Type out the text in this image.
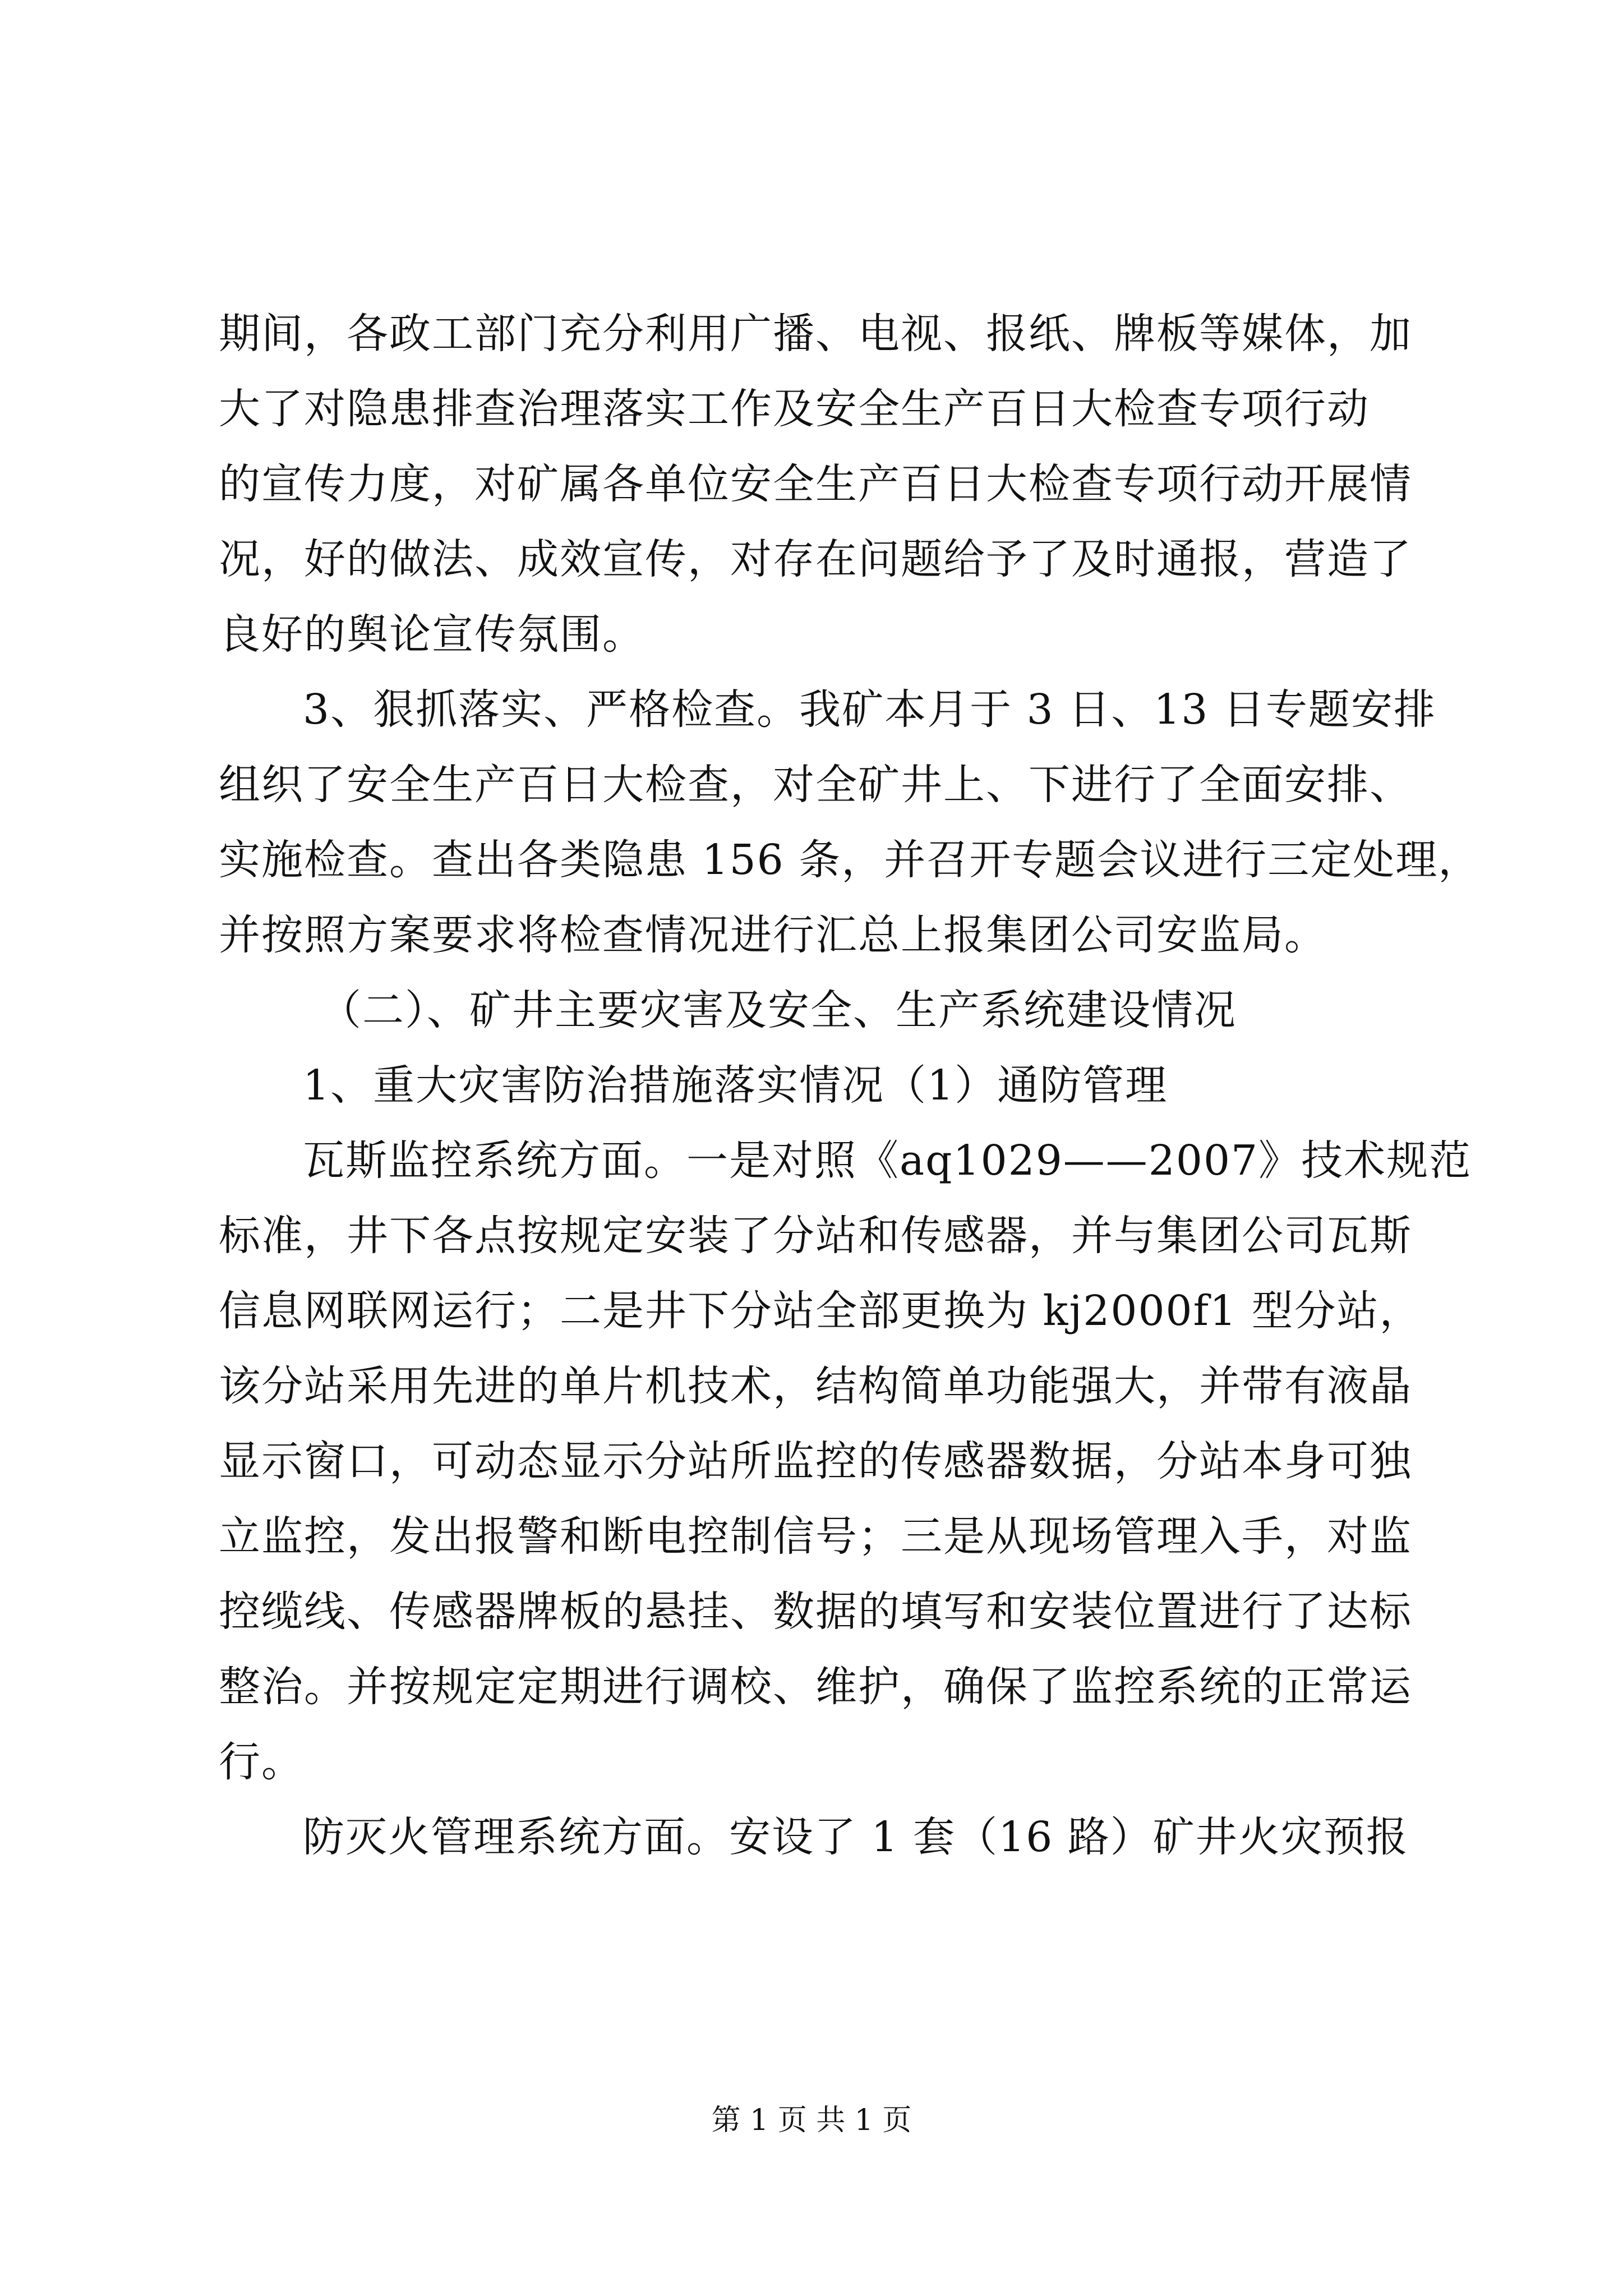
期间，各政工部门充分利用广播、电视、报纸、牌板等媒体，加
大了对隐患排查治理落实工作及安全生产百日大检查专项行动
的宣传力度，对矿属各单位安全生产百日大检查专项行动开展情
况，好的做法、成效宣传，对存在问题给予了及时通报，营造了
良好的舆论宣传氛围。
3、狠抓落实、严格检查。我矿本月于 3 日、13 日专题安排
组织了安全生产百日大检查，对全矿井上、下进行了全面安排、
实施检查。查出各类隐患 156 条，并召开专题会议进行三定处理，
并按照方案要求将检查情况进行汇总上报集团公司安监局。
（二）、矿井主要灾害及安全、生产系统建设情况
1、重大灾害防治措施落实情况（1）通防管理
瓦斯监控系统方面。一是对照《aq1029——2007》技术规范
标准，井下各点按规定安装了分站和传感器，并与集团公司瓦斯
信息网联网运行；二是井下分站全部更换为 kj2000f1 型分站，
该分站采用先进的单片机技术，结构简单功能强大，并带有液晶
显示窗口，可动态显示分站所监控的传感器数据，分站本身可独
立监控，发出报警和断电控制信号；三是从现场管理入手，对监
控缆线、传感器牌板的悬挂、数据的填写和安装位置进行了达标
整治。并按规定定期进行调校、维护，确保了监控系统的正常运
行。
防灭火管理系统方面。安设了 1 套（16 路）矿井火灾预报
第 1 页 共 1 页
